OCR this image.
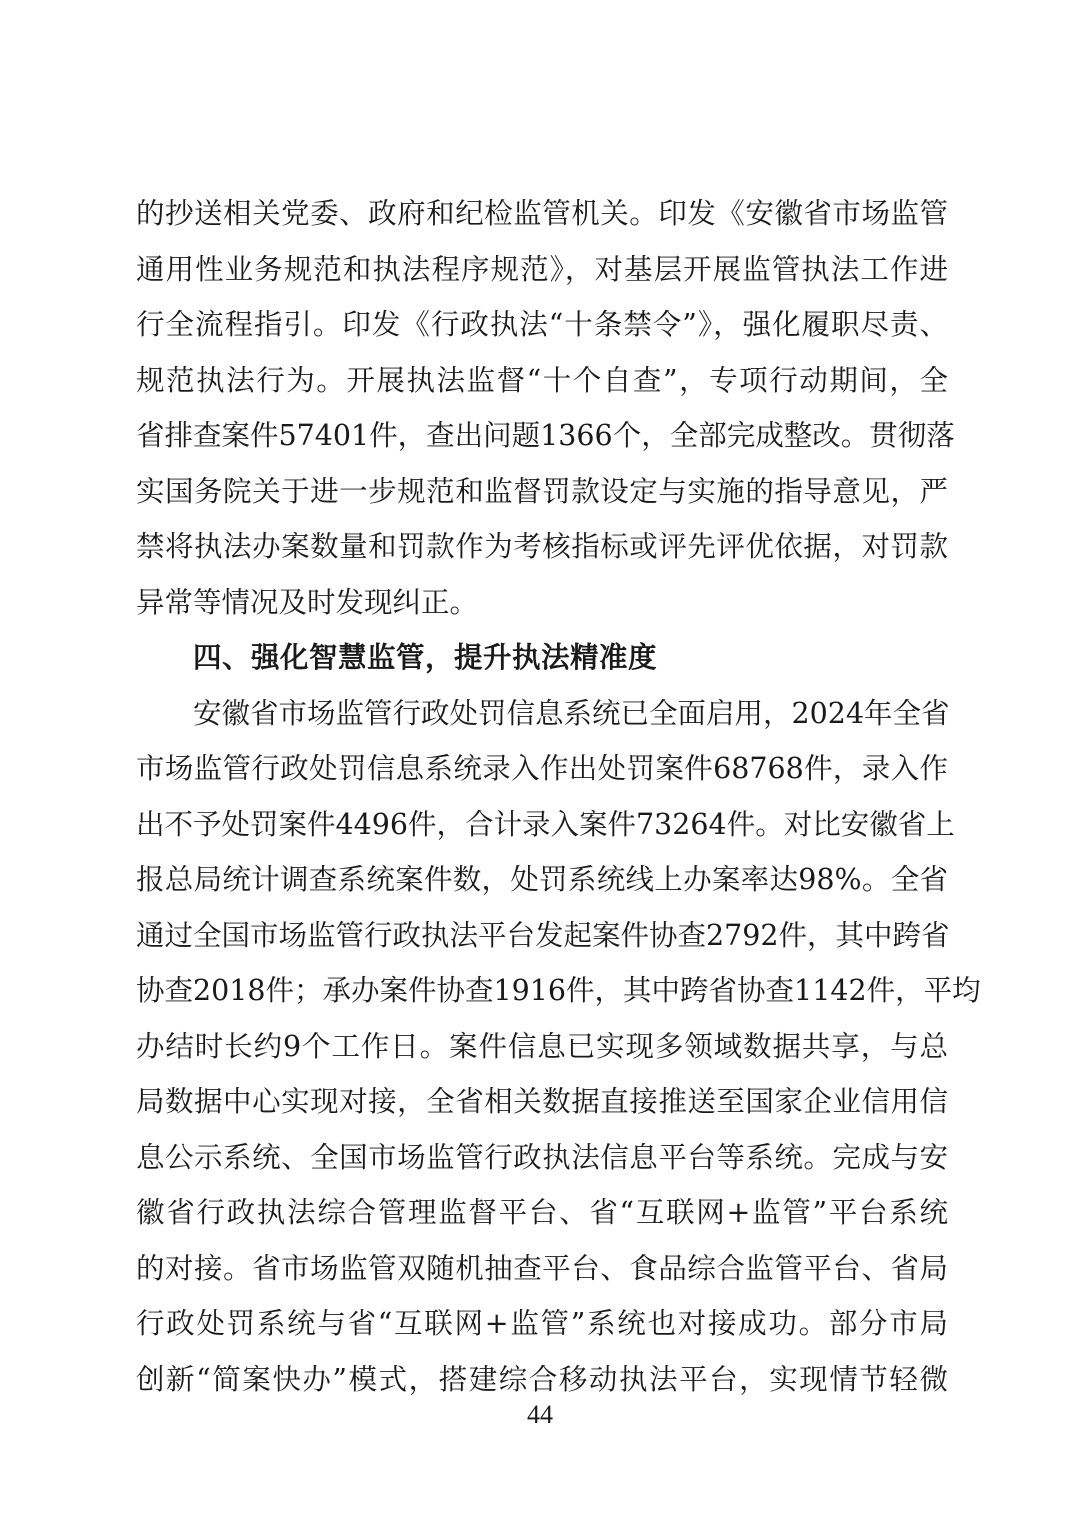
的抄送相关党委、政府和纪检监管机关。印发《安徽省市场监管
通用性业务规范和执法程序规范》，对基层开展监管执法工作进
行全流程指引。印发《行政执法“十条禁令”》，强化履职尽责、
规范执法行为。开展执法监督“十个自查”，专项行动期间，全
省排查案件57401件，查出问题1366个，全部完成整改。贯彻落
实国务院关于进一步规范和监督罚款设定与实施的指导意见，严
禁将执法办案数量和罚款作为考核指标或评先评优依据，对罚款
异常等情况及时发现纠正。
四、强化智慧监管，提升执法精准度
安徽省市场监管行政处罚信息系统已全面启用，2024年全省
市场监管行政处罚信息系统录入作出处罚案件68768件，录入作
出不予处罚案件4496件，合计录入案件73264件。对比安徽省上
报总局统计调查系统案件数，处罚系统线上办案率达98%。全省
通过全国市场监管行政执法平台发起案件协查2792件，其中跨省
协查2018件；承办案件协查1916件，其中跨省协查1142件，平均
办结时长约9个工作日。案件信息已实现多领域数据共享，与总
局数据中心实现对接，全省相关数据直接推送至国家企业信用信
息公示系统、全国市场监管行政执法信息平台等系统。完成与安
徽省行政执法综合管理监督平台、省“互联网+监管”平台系统
的对接。省市场监管双随机抽查平台、食品综合监管平台、省局
行政处罚系统与省“互联网+监管”系统也对接成功。部分市局
创新“简案快办”模式，搭建综合移动执法平台，实现情节轻微
44
